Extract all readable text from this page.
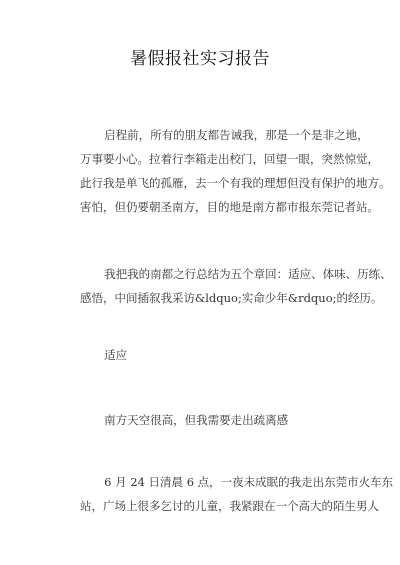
暑假报社实习报告

启程前，所有的朋友都告诫我，那是一个是非之地，
万事要小心。拉着行李箱走出校门，回望一眼，突然惊觉，
此行我是单飞的孤雁，去一个有我的理想但没有保护的地方。
害怕，但仍要朝圣南方，目的地是南方都市报东莞记者站。

我把我的南都之行总结为五个章回：适应、体味、历练、
感悟，中间插叙我采访&ldquo;实命少年&rdquo;的经历。

适应

南方天空很高，但我需要走出疏离感

6 月 24 日清晨 6 点，一夜未成眠的我走出东莞市火车东
站，广场上很多乞讨的儿童，我紧跟在一个高大的陌生男人
